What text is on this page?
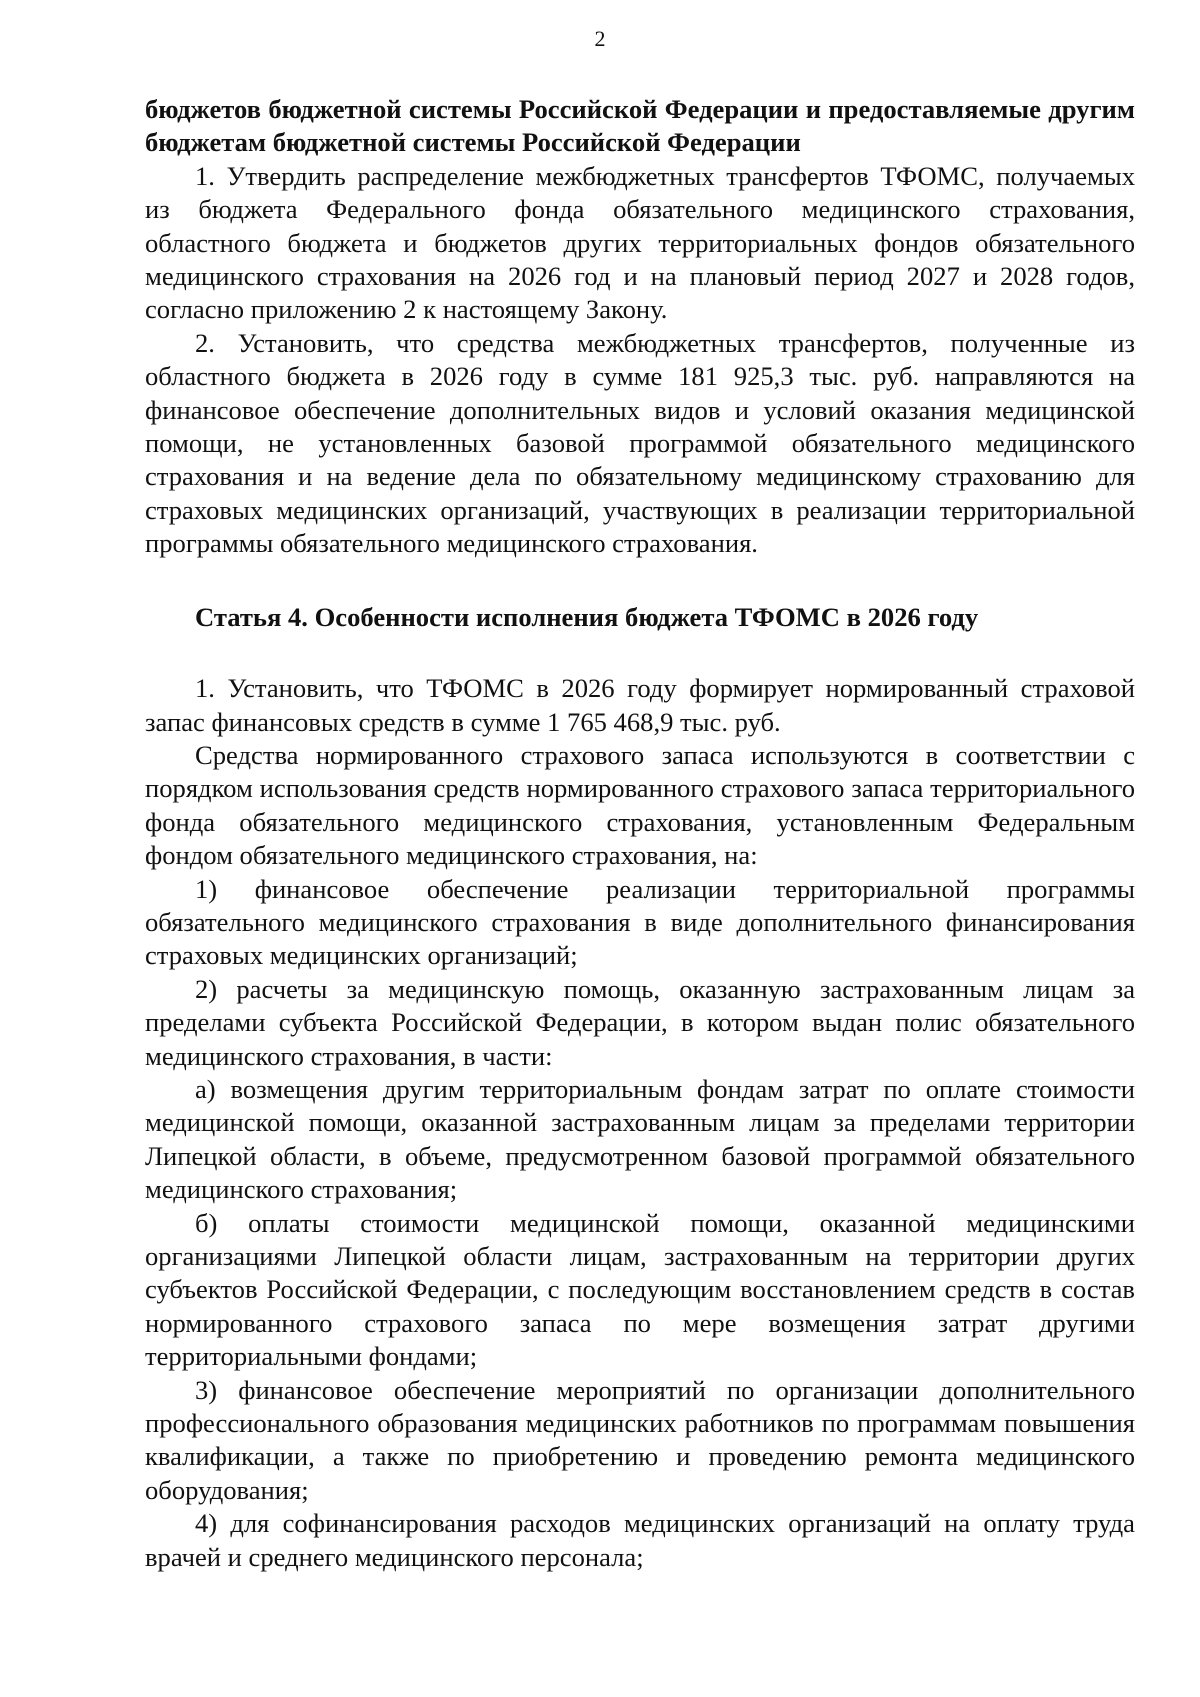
2

бюджетов бюджетной системы Российской Федерации и предоставляемые другим бюджетам бюджетной системы Российской Федерации

1. Утвердить распределение межбюджетных трансфертов ТФОМС, получаемых из бюджета Федерального фонда обязательного медицинского страхования, областного бюджета и бюджетов других территориальных фондов обязательного медицинского страхования на 2026 год и на плановый период 2027 и 2028 годов, согласно приложению 2 к настоящему Закону.

2. Установить, что средства межбюджетных трансфертов, полученные из областного бюджета в 2026 году в сумме 181 925,3 тыс. руб. направляются на финансовое обеспечение дополнительных видов и условий оказания медицинской помощи, не установленных базовой программой обязательного медицинского страхования и на ведение дела по обязательному медицинскому страхованию для страховых медицинских организаций, участвующих в реализации территориальной программы обязательного медицинского страхования.

Статья 4. Особенности исполнения бюджета ТФОМС в 2026 году

1. Установить, что ТФОМС в 2026 году формирует нормированный страховой запас финансовых средств в сумме 1 765 468,9 тыс. руб.

Средства нормированного страхового запаса используются в соответствии с порядком использования средств нормированного страхового запаса территориального фонда обязательного медицинского страхования, установленным Федеральным фондом обязательного медицинского страхования, на:

1) финансовое обеспечение реализации территориальной программы обязательного медицинского страхования в виде дополнительного финансирования страховых медицинских организаций;

2) расчеты за медицинскую помощь, оказанную застрахованным лицам за пределами субъекта Российской Федерации, в котором выдан полис обязательного медицинского страхования, в части:

а) возмещения другим территориальным фондам затрат по оплате стоимости медицинской помощи, оказанной застрахованным лицам за пределами территории Липецкой области, в объеме, предусмотренном базовой программой обязательного медицинского страхования;

б) оплаты стоимости медицинской помощи, оказанной медицинскими организациями Липецкой области лицам, застрахованным на территории других субъектов Российской Федерации, с последующим восстановлением средств в состав нормированного страхового запаса по мере возмещения затрат другими территориальными фондами;

3) финансовое обеспечение мероприятий по организации дополнительного профессионального образования медицинских работников по программам повышения квалификации, а также по приобретению и проведению ремонта медицинского оборудования;

4) для софинансирования расходов медицинских организаций на оплату труда врачей и среднего медицинского персонала;
